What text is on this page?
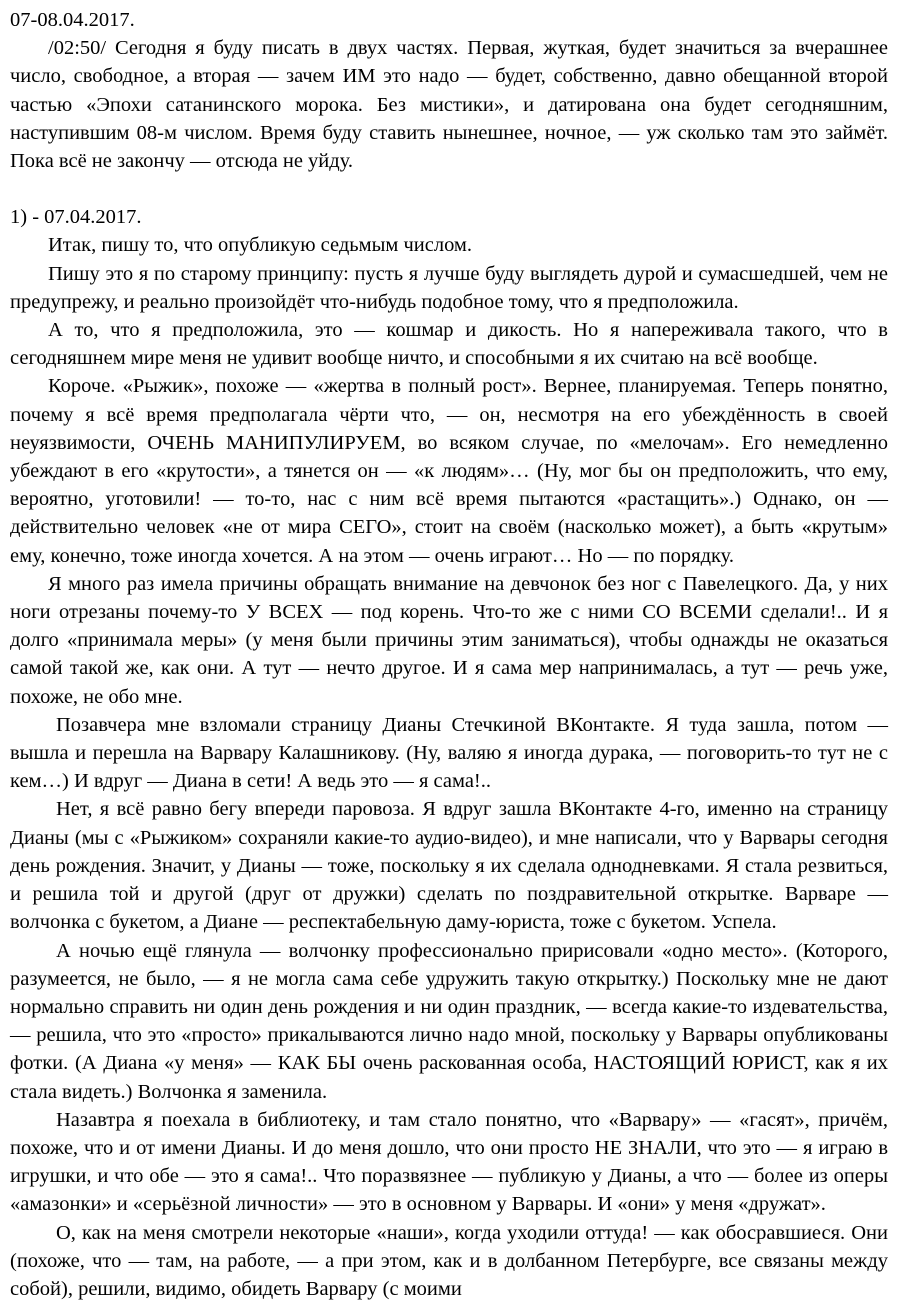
07-08.04.2017.
/02:50/ Сегодня я буду писать в двух частях. Первая, жуткая, будет значиться за вчерашнее число, свободное, а вторая — зачем ИМ это надо — будет, собственно, давно обещанной второй частью «Эпохи сатанинского морока. Без мистики», и датирована она будет сегодняшним, наступившим 08-м числом. Время буду ставить нынешнее, ночное, — уж сколько там это займёт. Пока всё не закончу — отсюда не уйду.
1) - 07.04.2017.
Итак, пишу то, что опубликую седьмым числом.
Пишу это я по старому принципу: пусть я лучше буду выглядеть дурой и сумасшедшей, чем не предупрежу, и реально произойдёт что-нибудь подобное тому, что я предположила.
А то, что я предположила, это — кошмар и дикость. Но я напереживала такого, что в сегодняшнем мире меня не удивит вообще ничто, и способными я их считаю на всё вообще.
Короче. «Рыжик», похоже — «жертва в полный рост». Вернее, планируемая. Теперь понятно, почему я всё время предполагала чёрти что, — он, несмотря на его убеждённость в своей неуязвимости, ОЧЕНЬ МАНИПУЛИРУЕМ, во всяком случае, по «мелочам». Его немедленно убеждают в его «крутости», а тянется он — «к людям»… (Ну, мог бы он предположить, что ему, вероятно, уготовили! — то-то, нас с ним всё время пытаются «растащить».) Однако, он — действительно человек «не от мира СЕГО», стоит на своём (насколько может), а быть «крутым» ему, конечно, тоже иногда хочется. А на этом — очень играют… Но — по порядку.
Я много раз имела причины обращать внимание на девчонок без ног с Павелецкого. Да, у них ноги отрезаны почему-то У ВСЕХ — под корень. Что-то же с ними СО ВСЕМИ сделали!.. И я долго «принимала меры» (у меня были причины этим заниматься), чтобы однажды не оказаться самой такой же, как они. А тут — нечто другое. И я сама мер напринималась, а тут — речь уже, похоже, не обо мне.
Позавчера мне взломали страницу Дианы Стечкиной ВКонтакте. Я туда зашла, потом — вышла и перешла на Варвару Калашникову. (Ну, валяю я иногда дурака, — поговорить-то тут не с кем…) И вдруг — Диана в сети! А ведь это — я сама!..
Нет, я всё равно бегу впереди паровоза. Я вдруг зашла ВКонтакте 4-го, именно на страницу Дианы (мы с «Рыжиком» сохраняли какие-то аудио-видео), и мне написали, что у Варвары сегодня день рождения. Значит, у Дианы — тоже, поскольку я их сделала однодневками. Я стала резвиться, и решила той и другой (друг от дружки) сделать по поздравительной открытке. Варваре — волчонка с букетом, а Диане — респектабельную даму-юриста, тоже с букетом. Успела.
А ночью ещё глянула — волчонку профессионально пририсовали «одно место». (Которого, разумеется, не было, — я не могла сама себе удружить такую открытку.) Поскольку мне не дают нормально справить ни один день рождения и ни один праздник, — всегда какие-то издевательства, — решила, что это «просто» прикалываются лично надо мной, поскольку у Варвары опубликованы фотки. (А Диана «у меня» — КАК БЫ очень раскованная особа, НАСТОЯЩИЙ ЮРИСТ, как я их стала видеть.) Волчонка я заменила.
Назавтра я поехала в библиотеку, и там стало понятно, что «Варвару» — «гасят», причём, похоже, что и от имени Дианы. И до меня дошло, что они просто НЕ ЗНАЛИ, что это — я играю в игрушки, и что обе — это я сама!.. Что поразвязнее — публикую у Дианы, а что — более из оперы «амазонки» и «серьёзной личности» — это в основном у Варвары. И «они» у меня «дружат».
О, как на меня смотрели некоторые «наши», когда уходили оттуда! — как обосравшиеся. Они (похоже, что — там, на работе, — а при этом, как и в долбанном Петербурге, все связаны между собой), решили, видимо, обидеть Варвару (с моими
